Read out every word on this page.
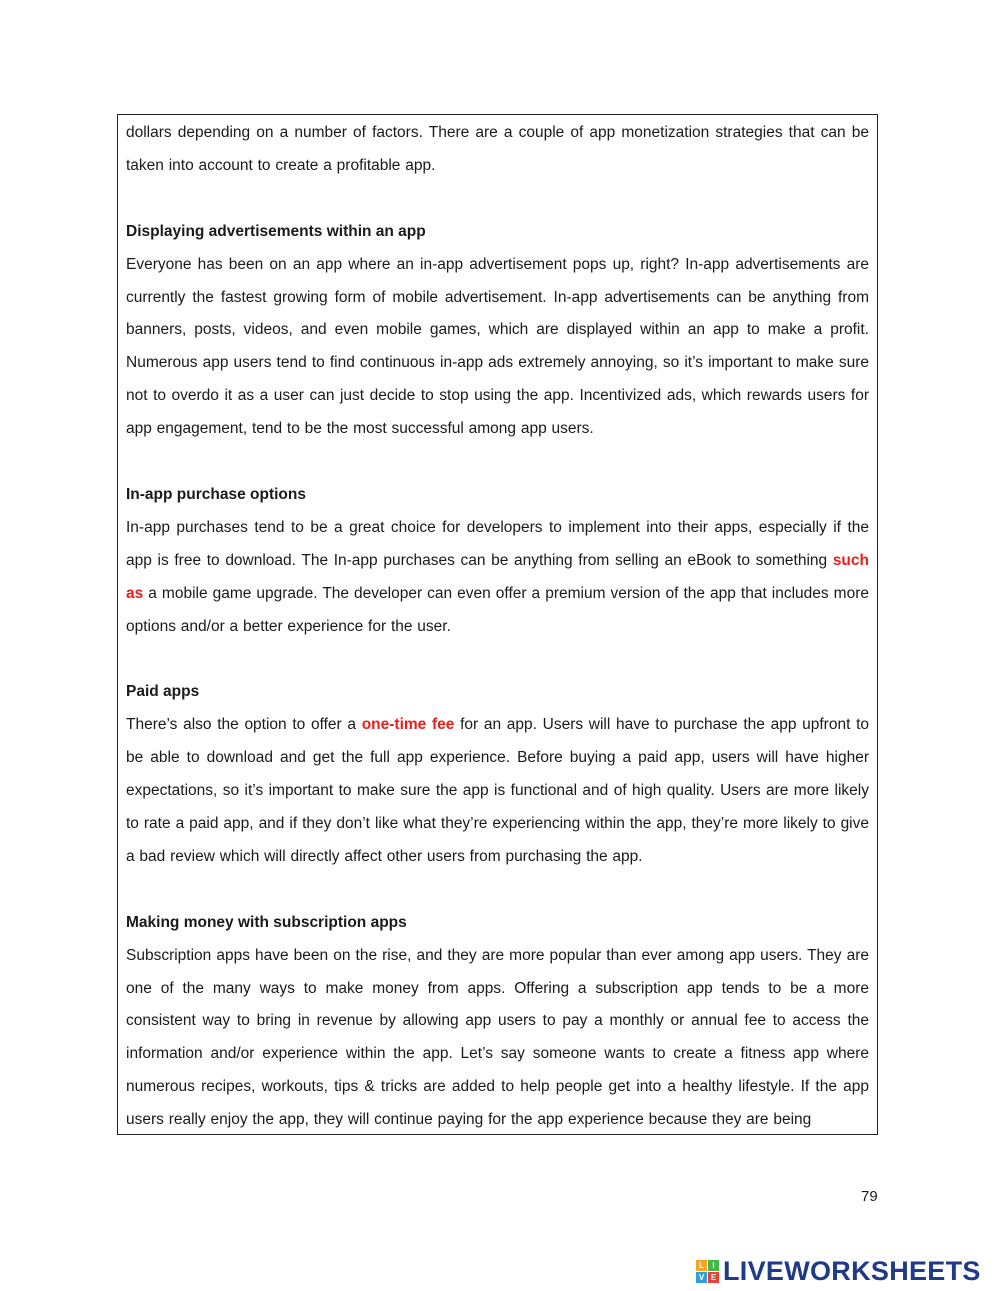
dollars depending on a number of factors. There are a couple of app monetization strategies that can be taken into account to create a profitable app.

Displaying advertisements within an app

Everyone has been on an app where an in-app advertisement pops up, right? In-app advertisements are currently the fastest growing form of mobile advertisement. In-app advertisements can be anything from banners, posts, videos, and even mobile games, which are displayed within an app to make a profit. Numerous app users tend to find continuous in-app ads extremely annoying, so it’s important to make sure not to overdo it as a user can just decide to stop using the app. Incentivized ads, which rewards users for app engagement, tend to be the most successful among app users.

In-app purchase options

In-app purchases tend to be a great choice for developers to implement into their apps, especially if the app is free to download. The In-app purchases can be anything from selling an eBook to something such as a mobile game upgrade. The developer can even offer a premium version of the app that includes more options and/or a better experience for the user.

Paid apps

There’s also the option to offer a one-time fee for an app. Users will have to purchase the app upfront to be able to download and get the full app experience. Before buying a paid app, users will have higher expectations, so it’s important to make sure the app is functional and of high quality. Users are more likely to rate a paid app, and if they don’t like what they’re experiencing within the app, they’re more likely to give a bad review which will directly affect other users from purchasing the app.

Making money with subscription apps

Subscription apps have been on the rise, and they are more popular than ever among app users. They are one of the many ways to make money from apps. Offering a subscription app tends to be a more consistent way to bring in revenue by allowing app users to pay a monthly or annual fee to access the information and/or experience within the app. Let’s say someone wants to create a fitness app where numerous recipes, workouts, tips & tricks are added to help people get into a healthy lifestyle. If the app users really enjoy the app, they will continue paying for the app experience because they are being

79
L	I
V E LIVEWORKSHEETS
